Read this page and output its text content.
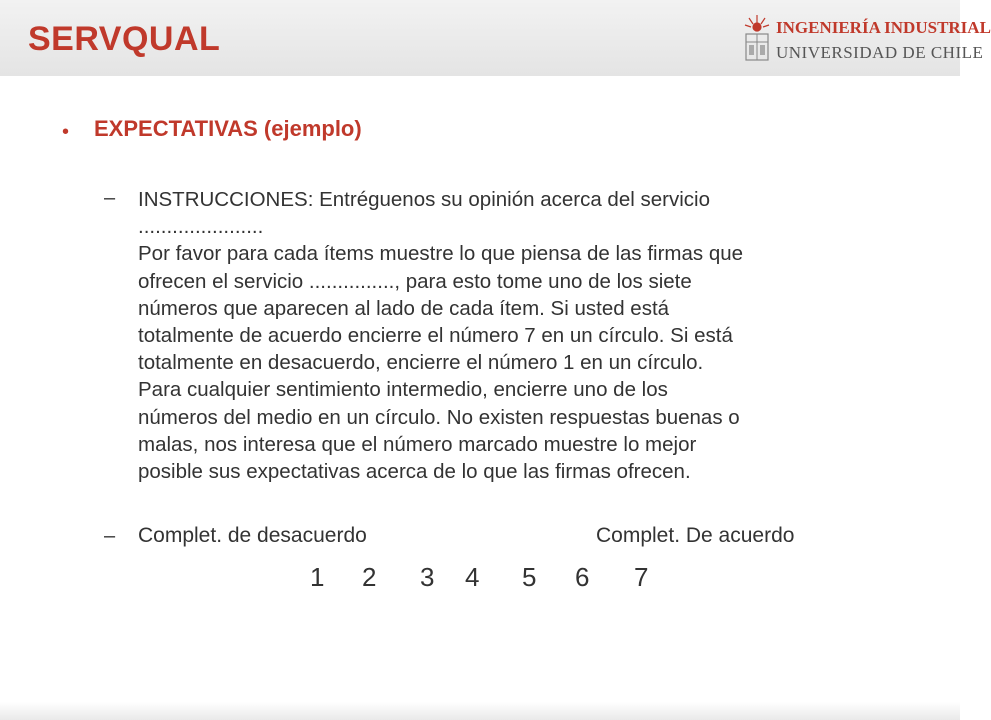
SERVQUAL	INGENIERÍA INDUSTRIAL
UNIVERSIDAD DE CHILE
• EXPECTATIVAS (ejemplo)
– INSTRUCCIONES: Entréguenos su opinión acerca del servicio
......................
Por favor para cada ítems muestre lo que piensa de las firmas que
ofrecen el servicio ..............., para esto tome uno de los siete
números que aparecen al lado de cada ítem. Si usted está
totalmente de acuerdo encierre el número 7 en un círculo. Si está
totalmente en desacuerdo, encierre el número 1 en un círculo.
Para cualquier sentimiento intermedio, encierre uno de los
números del medio en un círculo. No existen respuestas buenas o
malas, nos interesa que el número marcado muestre lo mejor
posible sus expectativas acerca de lo que las firmas ofrecen.
– Complet. de desacuerdo	Complet. De acuerdo
1 2 3 4 5 6 7
